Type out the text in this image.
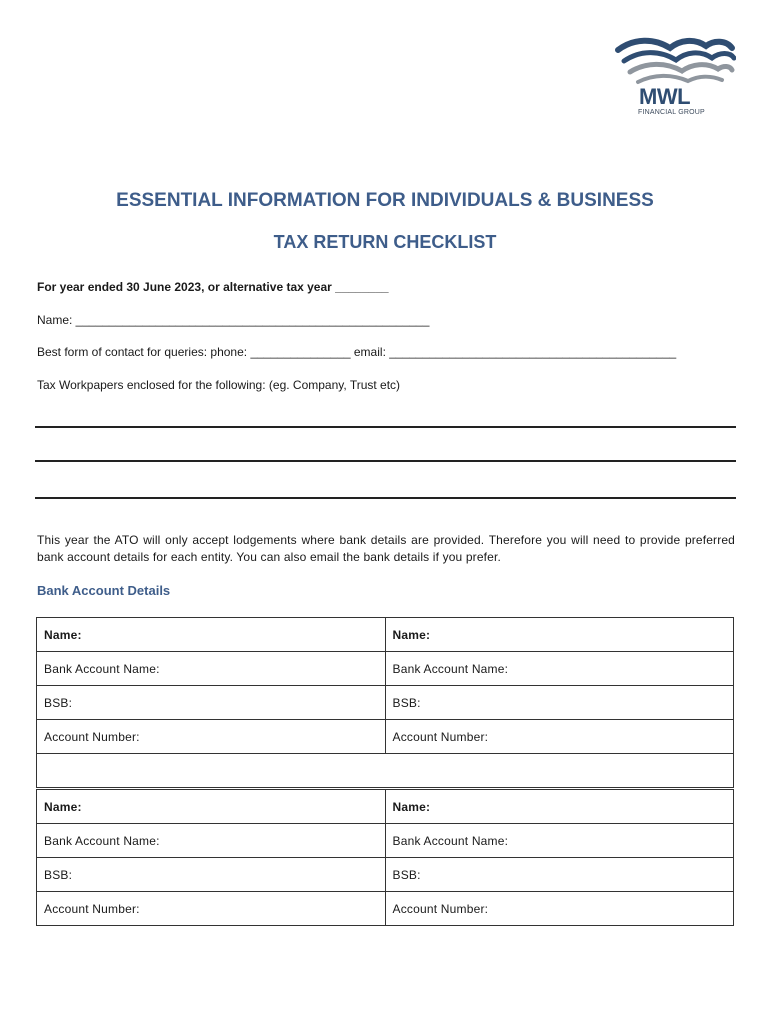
MWL
FINANCIAL GROUP
ESSENTIAL INFORMATION FOR INDIVIDUALS & BUSINESS
TAX RETURN CHECKLIST
For year ended 30 June 2023, or alternative tax year ________
Name: _____________________________________________________
Best form of contact for queries: phone: _______________ email: ___________________________________________
Tax Workpapers enclosed for the following: (eg. Company, Trust etc)
This year the ATO will only accept lodgements where bank details are provided. Therefore you will need to provide preferred bank account details for each entity. You can also email the bank details if you prefer.
Bank Account Details
Name:	Name:
Bank Account Name:	Bank Account Name:
BSB:	BSB:
Account Number:	Account Number:

Name:	Name:
Bank Account Name:	Bank Account Name:
BSB:	BSB:
Account Number:	Account Number:
